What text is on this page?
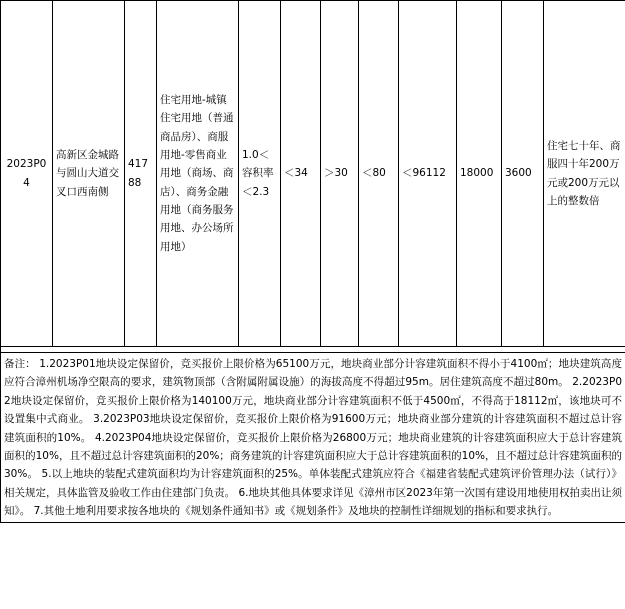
2023P04	高新区金城路与圆山大道交叉口西南侧	41788	住宅用地-城镇住宅用地（普通商品房）、商服用地-零售商业用地（商场、商店）、商务金融用地（商务服务用地、办公场所用地）	1.0＜容积率＜2.3	＜34	＞30	＜80	＜96112	18000	3600	住宅七十年、商服四十年200万元或200万元以上的整数倍

备注： 1.2023P01地块设定保留价，竞买报价上限价格为65100万元，地块商业部分计容建筑面积不得小于4100㎡；地块建筑高度应符合漳州机场净空限高的要求，建筑物顶部（含附属附属设施）的海拔高度不得超过95m。居住建筑高度不超过80m。 2.2023P02地块设定保留价，竞买报价上限价格为140100万元，地块商业部分计容建筑面积不低于4500㎡，不得高于18112㎡，该地块可不设置集中式商业。 3.2023P03地块设定保留价，竞买报价上限价格为91600万元；地块商业部分建筑的计容建筑面积不超过总计容建筑面积的10%。 4.2023P04地块设定保留价，竞买报价上限价格为26800万元；地块商业建筑的计容建筑面积应大于总计容建筑面积的10%，且不超过总计容建筑面积的20%；商务建筑的计容建筑面积应大于总计容建筑面积的10%，且不超过总计容建筑面积的30%。 5.以上地块的装配式建筑面积均为计容建筑面积的25%。单体装配式建筑应符合《福建省装配式建筑评价管理办法（试行）》相关规定，具体监管及验收工作由住建部门负责。 6.地块其他具体要求详见《漳州市区2023年第一次国有建设用地使用权拍卖出让须知》。 7.其他土地利用要求按各地块的《规划条件通知书》或《规划条件》及地块的控制性详细规划的指标和要求执行。
